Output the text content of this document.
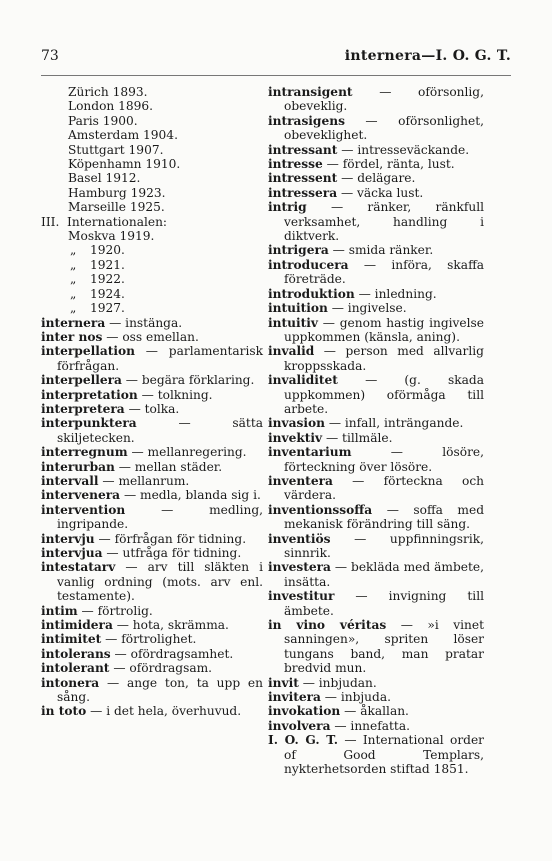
73	internera—I. O. G. T.
Zürich 1893.
London 1896.
Paris 1900.
Amsterdam 1904.
Stuttgart 1907.
Köpenhamn 1910.
Basel 1912.
Hamburg 1923.
Marseille 1925.
III. Internationalen:
Moskva 1919.
„ 1920.
„ 1921.
„ 1922.
„ 1924.
„ 1927.
internera — instänga.
inter nos — oss emellan.
interpellation — parlamentarisk förfrågan.
interpellera — begära förklaring.
interpretation — tolkning.
interpretera — tolka.
interpunktera — sätta skiljetecken.
interregnum — mellanregering.
interurban — mellan städer.
intervall — mellanrum.
intervenera — medla, blanda sig i.
intervention — medling, ingripande.
intervju — förfrågan för tidning.
intervjua — utfråga för tidning.
intestatarv — arv till släkten i vanlig ordning (mots. arv enl. testamente).
intim — förtrolig.
intimidera — hota, skrämma.
intimitet — förtrolighet.
intolerans — ofördragsamhet.
intolerant — ofördragsam.
intonera — ange ton, ta upp en sång.
in toto — i det hela, överhuvud.
intransigent — oförsonlig, obeveklig.
intrasigens — oförsonlighet, obeveklighet.
intressant — intresseväckande.
intresse — fördel, ränta, lust.
intressent — delägare.
intressera — väcka lust.
intrig — ränker, ränkfull verksamhet, handling i diktverk.
intrigera — smida ränker.
introducera — införa, skaffa företräde.
introduktion — inledning.
intuition — ingivelse.
intuitiv — genom hastig ingivelse uppkommen (känsla, aning).
invalid — person med allvarlig kroppsskada.
invaliditet — (g. skada uppkommen) oförmåga till arbete.
invasion — infall, inträngande.
invektiv — tillmäle.
inventarium — lösöre, förteckning över lösöre.
inventera — förteckna och värdera.
inventionssoffa — soffa med mekanisk förändring till säng.
inventiös — uppfinningsrik, sinnrik.
investera — bekläda med ämbete, insätta.
investitur — invigning till ämbete.
in vino véritas — »i vinet sanningen», spriten löser tungans band, man pratar bredvid mun.
invit — inbjudan.
invitera — inbjuda.
invokation — åkallan.
involvera — innefatta.
I. O. G. T. — International order of Good Templars, nykterhetsorden stiftad 1851.
